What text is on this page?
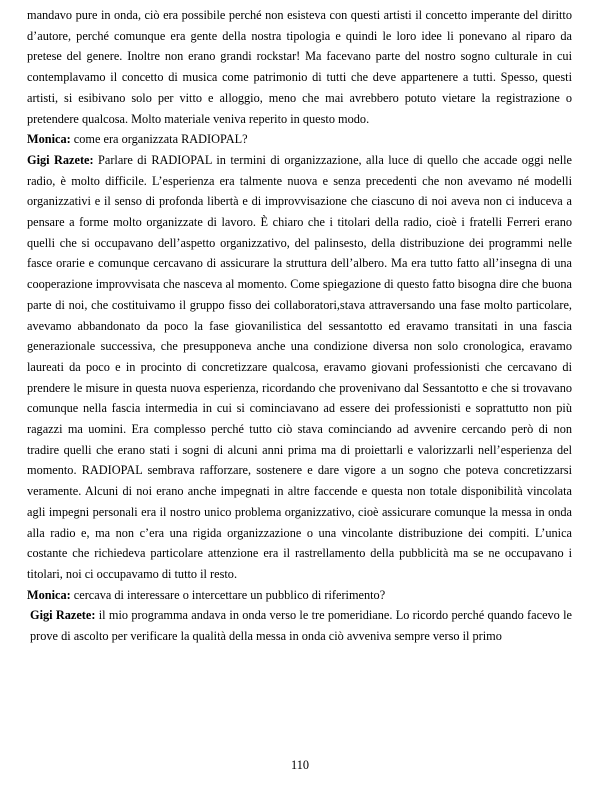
mandavo pure in onda, ciò era possibile perché non esisteva con questi artisti il concetto imperante del diritto d’autore, perché comunque era gente della nostra tipologia e quindi le loro idee li ponevano al riparo da pretese del genere. Inoltre non erano grandi rockstar! Ma facevano parte del nostro sogno culturale in cui contemplavamo il concetto di musica come patrimonio di tutti che deve appartenere a tutti. Spesso, questi artisti, si esibivano solo per vitto e alloggio, meno che mai avrebbero potuto vietare la registrazione o pretendere qualcosa. Molto materiale veniva reperito in questo modo.

Monica: come era organizzata RADIOPAL?

Gigi Razete: Parlare di RADIOPAL in termini di organizzazione, alla luce di quello che accade oggi nelle radio, è molto difficile. L’esperienza era talmente nuova e senza precedenti che non avevamo né modelli organizzativi e il senso di profonda libertà e di improvvisazione che ciascuno di noi aveva non ci induceva a pensare a forme molto organizzate di lavoro. È chiaro che i titolari della radio, cioè i fratelli Ferreri erano quelli che si occupavano dell’aspetto organizzativo, del palinsesto, della distribuzione dei programmi nelle fasce orarie e comunque cercavano di assicurare la struttura dell’albero. Ma era tutto fatto all’insegna di una cooperazione improvvisata che nasceva al momento. Come spiegazione di questo fatto bisogna dire che buona parte di noi, che costituivamo il gruppo fisso dei collaboratori,stava attraversando una fase molto particolare, avevamo abbandonato da poco la fase giovanilistica del sessantotto ed eravamo transitati in una fascia generazionale successiva, che presupponeva anche una condizione diversa non solo cronologica, eravamo laureati da poco e in procinto di concretizzare qualcosa, eravamo giovani professionisti che cercavano di prendere le misure in questa nuova esperienza, ricordando che provenivano dal Sessantotto e che si trovavano comunque nella fascia intermedia in cui si cominciavano ad essere dei professionisti e soprattutto non più ragazzi ma uomini. Era complesso perché tutto ciò stava cominciando ad avvenire cercando però di non tradire quelli che erano stati i sogni di alcuni anni prima ma di proiettarli e valorizzarli nell’esperienza del momento. RADIOPAL sembrava rafforzare, sostenere e dare vigore a un sogno che poteva concretizzarsi veramente. Alcuni di noi erano anche impegnati in altre faccende e questa non totale disponibilità vincolata agli impegni personali era il nostro unico problema organizzativo, cioè assicurare comunque la messa in onda alla radio e, ma non c’era una rigida organizzazione o una vincolante distribuzione dei compiti. L’unica costante che richiedeva particolare attenzione era il rastrellamento della pubblicità ma se ne occupavano i titolari, noi ci occupavamo di tutto il resto.

Monica: cercava di interessare o intercettare un pubblico di riferimento?

Gigi Razete: il mio programma andava in onda verso le tre pomeridiane. Lo ricordo perché quando facevo le prove di ascolto per verificare la qualità della messa in onda ciò avveniva sempre verso il primo

110
